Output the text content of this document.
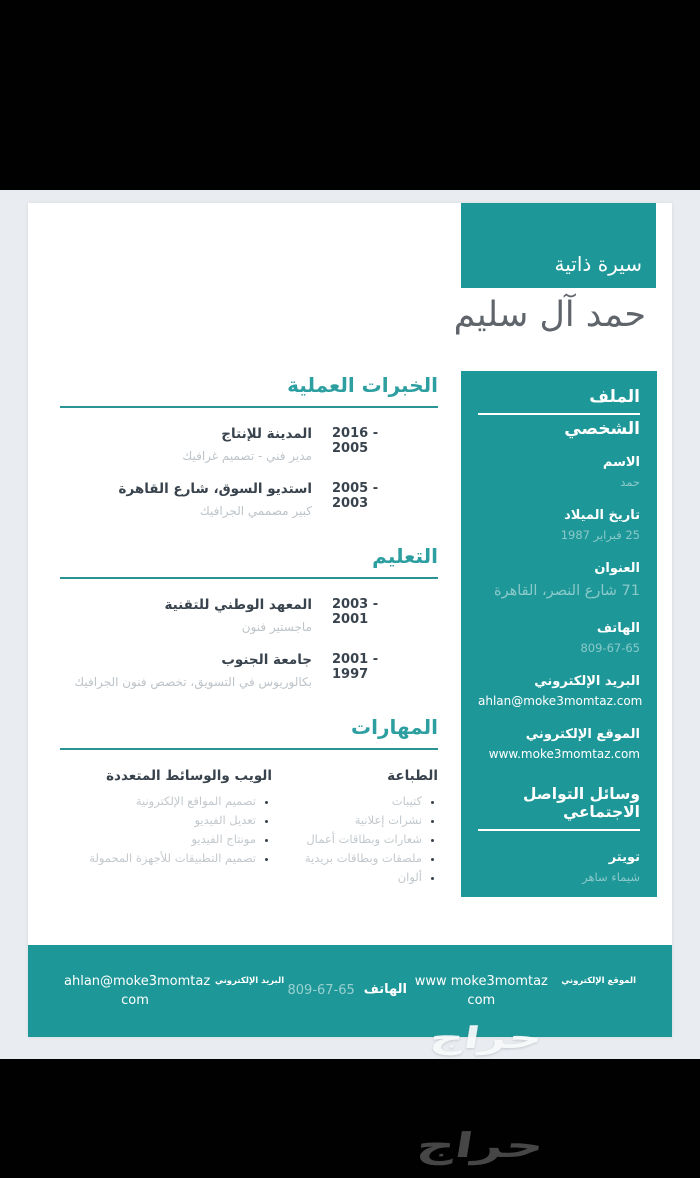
سيرة ذاتية
حمد آل سليم
الخبرات العملية
2016 - 2005
المدينة للإنتاج
مدير فني - تصميم غرافيك
2005 - 2003
استديو السوق، شارع القاهرة
كبير مصممي الجرافيك
التعليم
2003 - 2001
المعهد الوطني للتقنية
ماجستير فنون
2001 - 1997
جامعة الجنوب
بكالوريوس في التسويق، تخصص فنون الجرافيك
المهارات
الطباعة
• كتيبات
• نشرات إعلانية
• شعارات وبطاقات أعمال
• ملصقات وبطاقات بريدية
• ألوان
الويب والوسائط المتعددة
• تصميم المواقع الإلكترونية
• تعديل الفيديو
• مونتاج الفيديو
• تصميم التطبيقات للأجهزة المحمولة
الملف
الشخصي
الاسم
حمد
تاريخ الميلاد
25 فبراير 1987
العنوان
71 شارع النصر، القاهرة
الهاتف
809-67-65
البريد الإلكتروني
ahlan@moke3momtaz.com
الموقع الإلكتروني
www.moke3momtaz.com
وسائل التواصل الاجتماعي
تويتر
شيماء ساهر
الموقع الإلكتروني
www moke3momtaz com
الهاتف
809-67-65
البريد الإلكتروني
ahlan@moke3momtaz com
حراج
حراج
